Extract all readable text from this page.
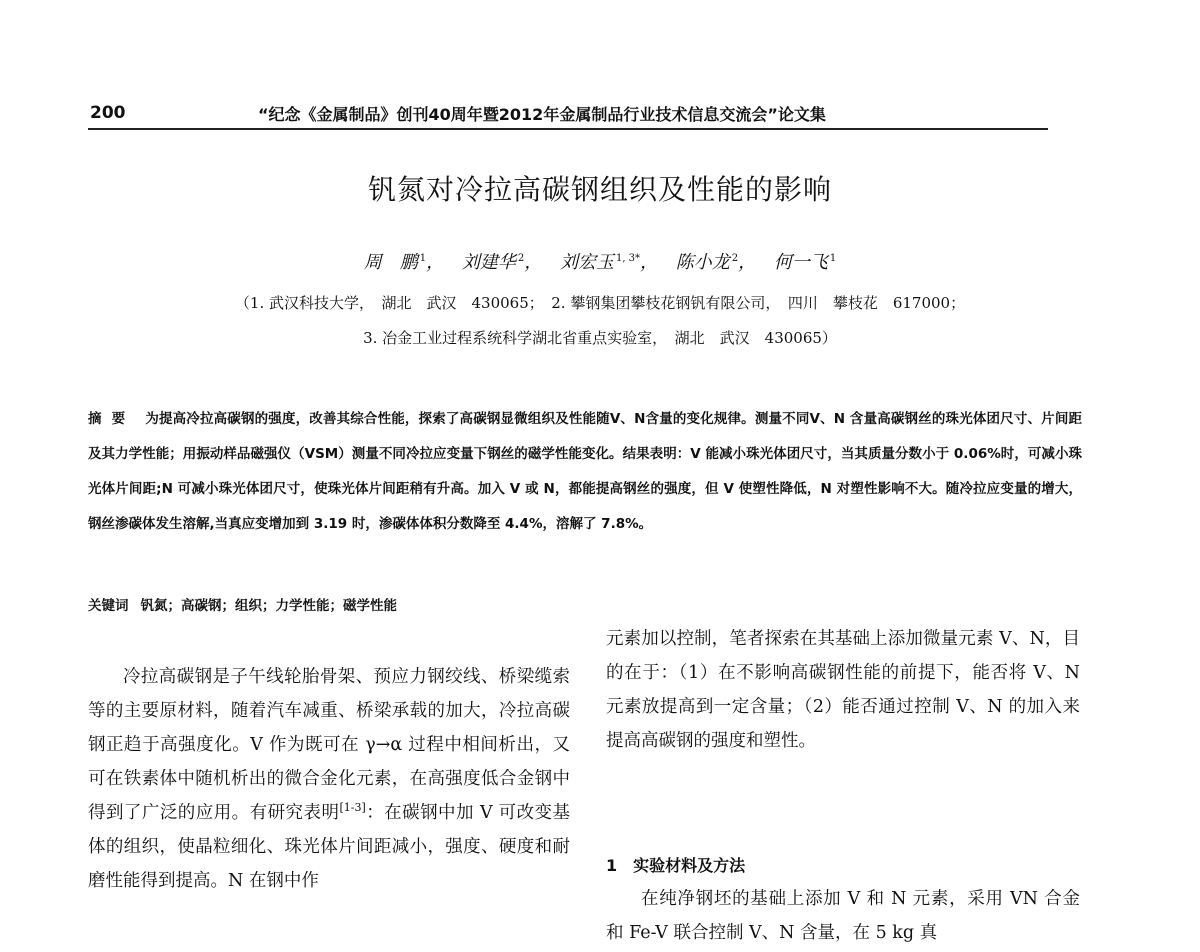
200	“纪念《金属制品》创刊40周年暨2012年金属制品行业技术信息交流会”论文集
钒氮对冷拉高碳钢组织及性能的影响
周　鹏 $^1$， 刘建华 $^2$， 刘宏玉 $^{1, 3*}$， 陈小龙 $^2$， 何一飞 $^1$
（1. 武汉科技大学，　湖北　武汉　430065；　2. 攀钢集团攀枝花钢钒有限公司，　四川　攀枝花　617000；
3. 冶金工业过程系统科学湖北省重点实验室，　湖北　武汉　430065）
摘要 为提高冷拉高碳钢的强度，改善其综合性能，探索了高碳钢显微组织及性能随V、N含量的变化规律。测量不同V、N 含量高碳钢丝的珠光体团尺寸、片间距及其力学性能；用振动样品磁强仪（VSM）测量不同冷拉应变量下钢丝的磁学性能变化。结果表明：V 能减小珠光体团尺寸，当其质量分数小于 0.06%时，可减小珠光体片间距;N 可减小珠光体团尺寸，使珠光体片间距稍有升高。加入 V 或 N，都能提高钢丝的强度，但 V 使塑性降低，N 对塑性影响不大。随冷拉应变量的增大，钢丝渗碳体发生溶解,当真应变增加到 3.19 时，渗碳体体积分数降至 4.4%，溶解了 7.8%。
关键词 钒氮；高碳钢；组织；力学性能；磁学性能

冷拉高碳钢是子午线轮胎骨架、预应力钢绞线、桥梁缆索等的主要原材料，随着汽车减重、桥梁承载的加大，冷拉高碳钢正趋于高强度化。V 作为既可在 γ→α 过程中相间析出，又可在铁素体中随机析出的微合金化元素，在高强度低合金钢中得到了广泛的应用。有研究表明[1-3]：在碳钢中加 V 可改变基体的组织，使晶粒细化、珠光体片间距减小，强度、硬度和耐磨性能得到提高。N 在钢中作

元素加以控制，笔者探索在其基础上添加微量元素 V、N，目的在于：（1）在不影响高碳钢性能的前提下，能否将 V、N 元素放提高到一定含量；（2）能否通过控制 V、N 的加入来提高高碳钢的强度和塑性。

1　实验材料及方法

在纯净钢坯的基础上添加 V 和 N 元素，采用 VN 合金和 Fe-V 联合控制 V、N 含量，在 5 kg 真
